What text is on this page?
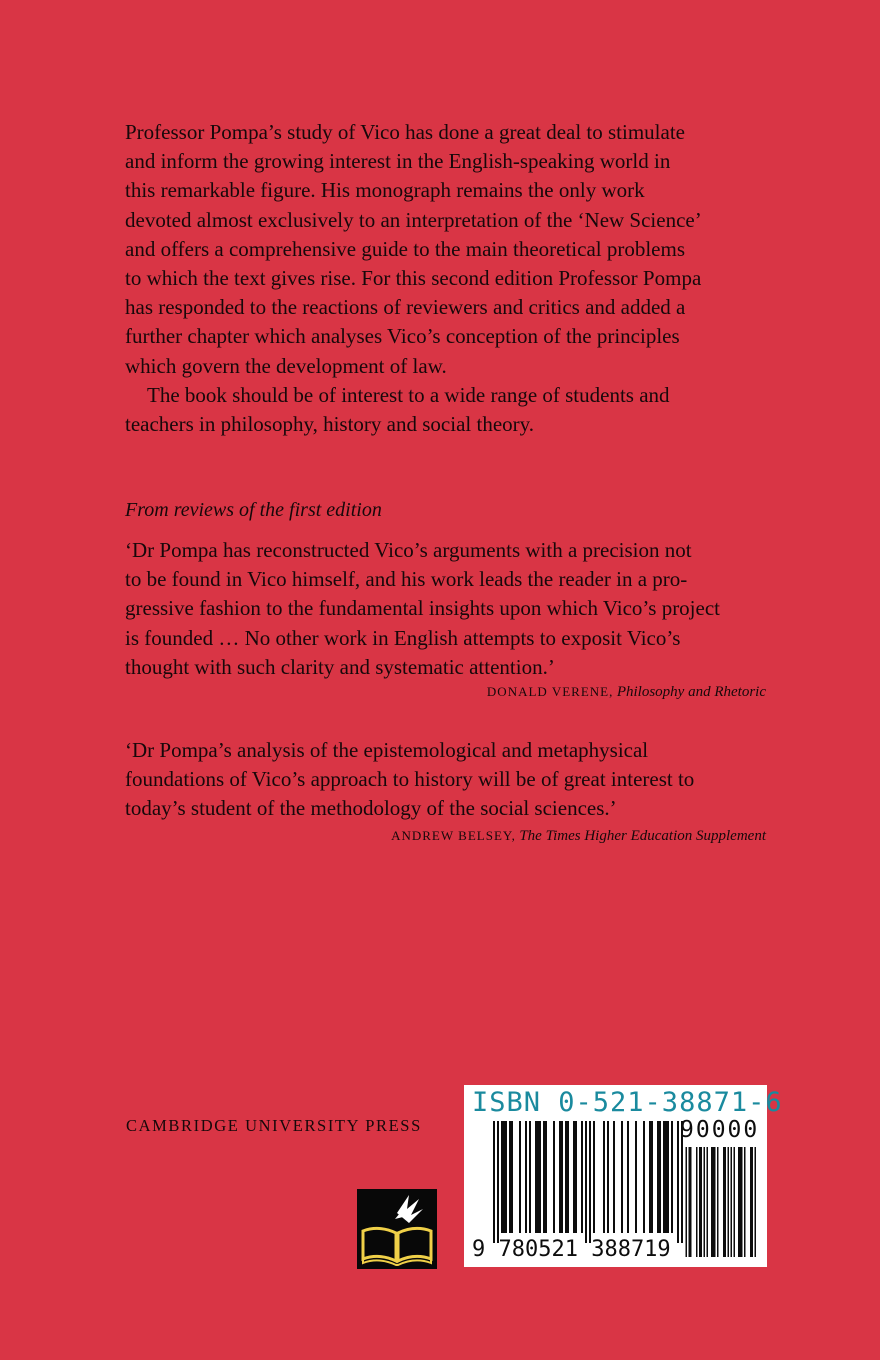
Professor Pompa’s study of Vico has done a great deal to stimulate
and inform the growing interest in the English-speaking world in
this remarkable figure. His monograph remains the only work
devoted almost exclusively to an interpretation of the ‘New Science’
and offers a comprehensive guide to the main theoretical problems
to which the text gives rise. For this second edition Professor Pompa
has responded to the reactions of reviewers and critics and added a
further chapter which analyses Vico’s conception of the principles
which govern the development of law.

The book should be of interest to a wide range of students and
teachers in philosophy, history and social theory.

From reviews of the first edition

‘Dr Pompa has reconstructed Vico’s arguments with a precision not
to be found in Vico himself, and his work leads the reader in a pro-
gressive fashion to the fundamental insights upon which Vico’s project
is founded … No other work in English attempts to exposit Vico’s
thought with such clarity and systematic attention.’

DONALD VERENE, Philosophy and Rhetoric

‘Dr Pompa’s analysis of the epistemological and metaphysical
foundations of Vico’s approach to history will be of great interest to
today’s student of the methodology of the social sciences.’

ANDREW BELSEY, The Times Higher Education Supplement

CAMBRIDGE UNIVERSITY PRESS

ISBN 0-521-38871-6
90000
9 780521 388719
